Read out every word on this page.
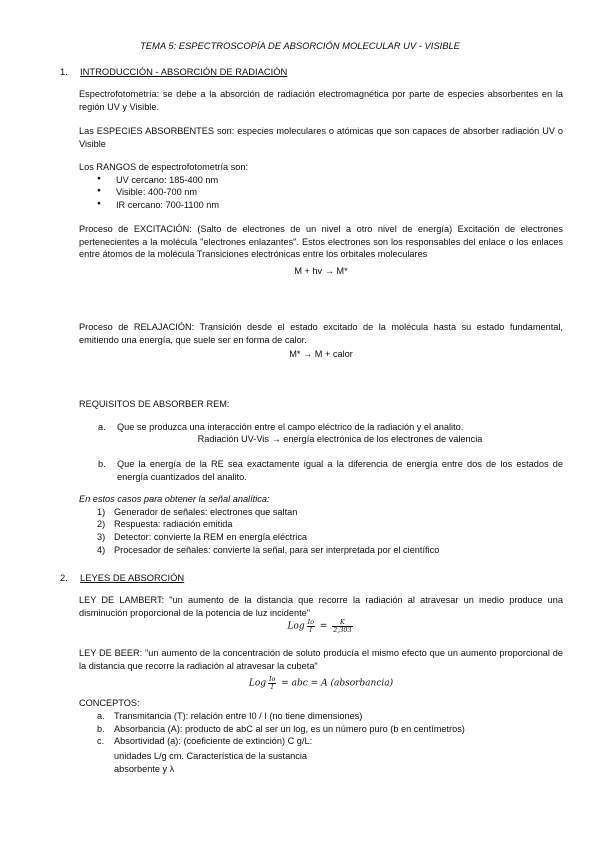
TEMA 5: ESPECTROSCOPÍA DE ABSORCIÓN MOLECULAR UV - VISIBLE
1. INTRODUCCIÓN - ABSORCIÓN DE RADIACIÓN
Espectrofotometría: se debe a la absorción de radiación electromagnética por parte de especies absorbentes en la región UV y Visible.
Las ESPECIES ABSORBENTES son: especies moleculares o atómicas que son capaces de absorber radiación UV o Visible
Los RANGOS de espectrofotometría son:
● UV cercano: 185-400 nm
● Visible: 400-700 nm
● IR cercano: 700-1100 nm
Proceso de EXCITACIÓN: (Salto de electrones de un nivel a otro nivel de energía) Excitación de electrones pertenecientes a la molécula "electrones enlazantes". Estos electrones son los responsables del enlace o los enlaces entre átomos de la molécula Transiciones electrónicas entre los orbitales moleculares
M + hv → M*
Proceso de RELAJACIÓN: Transición desde el estado excitado de la molécula hasta su estado fundamental, emitiendo una energía, que suele ser en forma de calor.
M* → M + calor
REQUISITOS DE ABSORBER REM:
a. Que se produzca una interacción entre el campo eléctrico de la radiación y el analito.
Radiación UV-Vis → energía electrónica de los electrones de valencia
b. Que la energía de la RE sea exactamente igual a la diferencia de energía entre dos de los estados de energía cuantizados del analito.
En estos casos para obtener la señal analítica:
1) Generador de señales: electrones que saltan
2) Respuesta: radiación emitida
3) Detector: convierte la REM en energía eléctrica
4) Procesador de señales: convierte la señal, para ser interpretada por el científico
2. LEYES DE ABSORCIÓN
LEY DE LAMBERT: "un aumento de la distancia que recorre la radiación al atravesar un medio produce una disminución proporcional de la potencia de luz incidente"
Log $\frac{Io}{I} = \frac{K}{2,303}$
LEY DE BEER: "un aumento de la concentración de soluto producía el mismo efecto que un aumento proporcional de la distancia que recorre la radiación al atravesar la cubeta"
Log $\frac{Io}{I}$ = abc = A (absorbancia)
CONCEPTOS:
a. Transmitancia (T): relación entre I0 / I (no tiene dimensiones)
b. Absorbancia (A): producto de abC al ser un log, es un número puro (b en centímetros)
c. Absortividad (a): (coeficiente de extinción) C g/L:
unidades L/g cm. Característica de la sustancia
absorbente y λ
